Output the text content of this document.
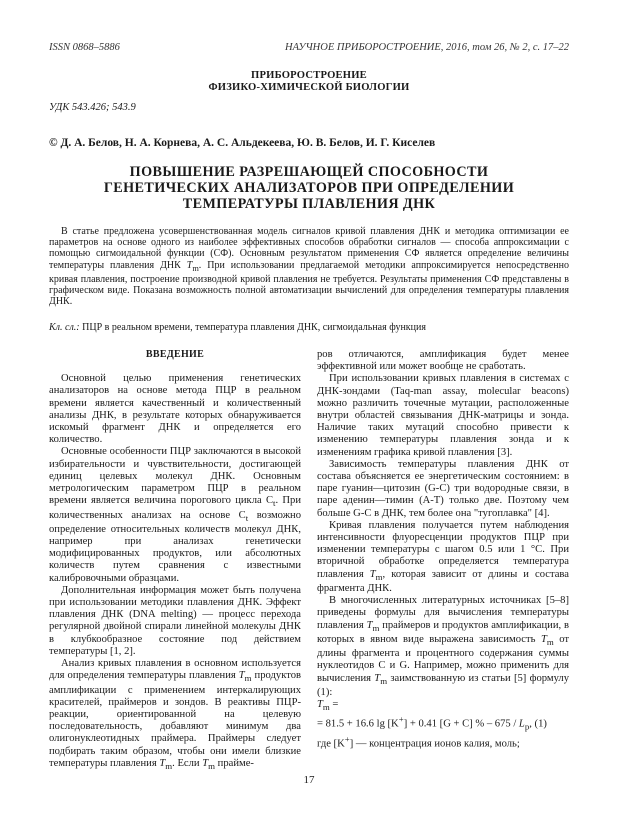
ISSN 0868–5886	НАУЧНОЕ ПРИБОРОСТРОЕНИЕ, 2016, том 26, № 2, с. 17–22
ПРИБОРОСТРОЕНИЕ
ФИЗИКО-ХИМИЧЕСКОЙ БИОЛОГИИ
УДК 543.426; 543.9
© Д. А. Белов, Н. А. Корнева, А. С. Альдекеева, Ю. В. Белов, И. Г. Киселев
ПОВЫШЕНИЕ РАЗРЕШАЮЩЕЙ СПОСОБНОСТИ
ГЕНЕТИЧЕСКИХ АНАЛИЗАТОРОВ ПРИ ОПРЕДЕЛЕНИИ
ТЕМПЕРАТУРЫ ПЛАВЛЕНИЯ ДНК
В статье предложена усовершенствованная модель сигналов кривой плавления ДНК и методика оптимизации ее параметров на основе одного из наиболее эффективных способов обработки сигналов — способа аппроксимации с помощью сигмоидальной функции (СФ). Основным результатом применения СФ является определение величины температуры плавления ДНК $T_m$. При использовании предлагаемой методики аппроксимируется непосредственно кривая плавления, построение производной кривой плавления не требуется. Результаты применения СФ представлены в графическом виде. Показана возможность полной автоматизации вычислений для определения температуры плавления ДНК.
Кл. сл.: ПЦР в реальном времени, температура плавления ДНК, сигмоидальная функция

ВВЕДЕНИЕ

Основной целью применения генетических анализаторов на основе метода ПЦР в реальном времени является качественный и количественный анализы ДНК, в результате которых обнаруживается искомый фрагмент ДНК и определяется его количество.

Основные особенности ПЦР заключаются в высокой избирательности и чувствительности, достигающей единиц целевых молекул ДНК. Основным метрологическим параметром ПЦР в реальном времени является величина порогового цикла $C_t$. При количественных анализах на основе $C_t$ возможно определение относительных количеств молекул ДНК, например при анализах генетически модифицированных продуктов, или абсолютных количеств путем сравнения с известными калибровочными образцами.

Дополнительная информация может быть получена при использовании методики плавления ДНК. Эффект плавления ДНК (DNA melting) — процесс перехода регулярной двойной спирали линейной молекулы ДНК в клубкообразное состояние под действием температуры [1, 2].

Анализ кривых плавления в основном используется для определения температуры плавления $T_m$ продуктов амплификации с применением интеркалирующих красителей, праймеров и зондов. В реактивы ПЦР-реакции, ориентированной на целевую последовательность, добавляют минимум два олигонуклеотидных праймера. Праймеры следует подбирать таким образом, чтобы они имели близкие температуры плавления $T_m$. Если $T_m$ прайме-

ров отличаются, амплификация будет менее эффективной или может вообще не сработать.

При использовании кривых плавления в системах с ДНК-зондами (Taq-man assay, molecular beacons) можно различить точечные мутации, расположенные внутри областей связывания ДНК-матрицы и зонда. Наличие таких мутаций способно привести к изменению температуры плавления зонда и к изменениям графика кривой плавления [3].

Зависимость температуры плавления ДНК от состава объясняется ее энергетическим состоянием: в паре гуанин—цитозин (G-C) три водородные связи, в паре аденин—тимин (A-T) только две. Поэтому чем больше G-C в ДНК, тем более она "тугоплавка" [4].

Кривая плавления получается путем наблюдения интенсивности флуоресценции продуктов ПЦР при изменении температуры с шагом 0.5 или 1 °C. При вторичной обработке определяется температура плавления $T_m$, которая зависит от длины и состава фрагмента ДНК.

В многочисленных литературных источниках [5–8] приведены формулы для вычисления температуры плавления $T_m$ праймеров и продуктов амплификации, в которых в явном виде выражена зависимость $T_m$ от длины фрагмента и процентного содержания суммы нуклеотидов C и G. Например, можно применить для вычисления $T_m$ заимствованную из статьи [5] формулу (1):

$T_m$ =

= 81.5 + 16.6 lg [K+] + 0.41 [G + C] % – $675 / L_p$, (1)

где [K+] — концентрация ионов калия, моль;

17
